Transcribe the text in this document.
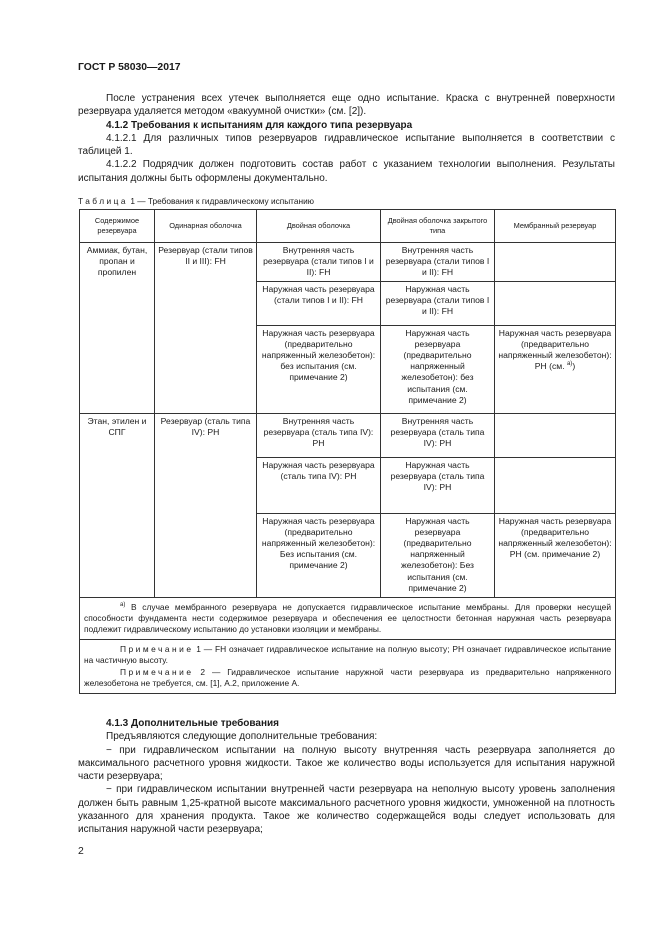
ГОСТ Р 58030—2017

После устранения всех утечек выполняется еще одно испытание. Краска с внутренней поверхности резервуара удаляется методом «вакуумной очистки» (см. [2]).

4.1.2 Требования к испытаниям для каждого типа резервуара

4.1.2.1 Для различных типов резервуаров гидравлическое испытание выполняется в соответствии с таблицей 1.

4.1.2.2 Подрядчик должен подготовить состав работ с указанием технологии выполнения. Результаты испытания должны быть оформлены документально.

Таблица 1 — Требования к гидравлическому испытанию
Содержимое резервуара	Одинарная оболочка	Двойная оболочка	Двойная оболочка закрытого типа	Мембранный резервуар
Аммиак, бутан, пропан и пропилен	Резервуар (стали типов II и III): FH	Внутренняя часть резервуара (стали типов I и II): FH	Внутренняя часть резервуара (стали типов I и II): FH	
		Наружная часть резервуара (стали типов I и II): FH	Наружная часть резервуара (стали типов I и II): FH	
		Наружная часть резервуара (предварительно напряженный железобетон): без испытания (см. примечание 2)	Наружная часть резервуара (предварительно напряженный железобетон): без испытания (см. примечание 2)	Наружная часть резервуара (предварительно напряженный железобетон): PH (см. $^{а)}$)
Этан, этилен и СПГ	Резервуар (сталь типа IV): PH	Внутренняя часть резервуара (сталь типа IV): PH	Внутренняя часть резервуара (сталь типа IV): PH	
		Наружная часть резервуара (сталь типа IV): PH	Наружная часть резервуара (сталь типа IV): PH	
		Наружная часть резервуара (предварительно напряженный железобетон): Без испытания (см. примечание 2)	Наружная часть резервуара (предварительно напряженный железобетон): Без испытания (см. примечание 2)	Наружная часть резервуара (предварительно напряженный железобетон): PH (см. примечание 2)
$^{а)}$ В случае мембранного резервуара не допускается гидравлическое испытание мембраны. Для проверки несущей способности фундамента нести содержимое резервуара и обеспечения ее целостности бетонная наружная часть резервуара подлежит гидравлическому испытанию до установки изоляции и мембраны.				

Примечание 1 — FH означает гидравлическое испытание на полную высоту; PH означает гидравлическое испытание на частичную высоту.
Примечание 2 — Гидравлическое испытание наружной части резервуара из предварительно напряженного железобетона не требуется, см. [1], А.2, приложение А.				

4.1.3 Дополнительные требования

Предъявляются следующие дополнительные требования:

− при гидравлическом испытании на полную высоту внутренняя часть резервуара заполняется до максимального расчетного уровня жидкости. Такое же количество воды используется для испытания наружной части резервуара;

− при гидравлическом испытании внутренней части резервуара на неполную высоту уровень заполнения должен быть равным 1,25-кратной высоте максимального расчетного уровня жидкости, умноженной на плотность указанного для хранения продукта. Такое же количество содержащейся воды следует использовать для испытания наружной части резервуара;

2
